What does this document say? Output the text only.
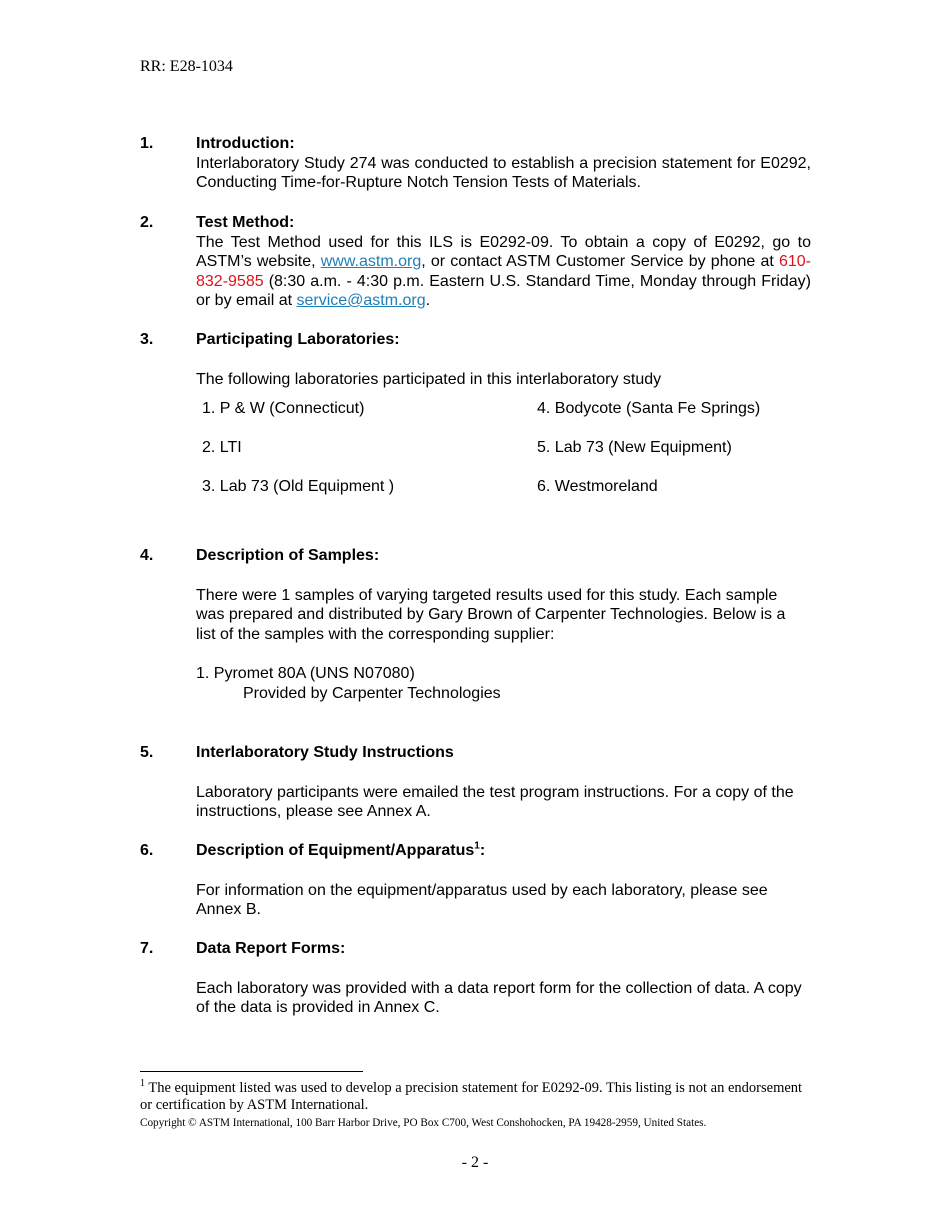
RR: E28-1034
1.	Introduction:
Interlaboratory Study 274 was conducted to establish a precision statement for E0292, Conducting Time-for-Rupture Notch Tension Tests of Materials.
2.	Test Method:
The Test Method used for this ILS is E0292-09. To obtain a copy of E0292, go to ASTM’s website, www.astm.org, or contact ASTM Customer Service by phone at 610-832-9585 (8:30 a.m. - 4:30 p.m. Eastern U.S. Standard Time, Monday through Friday) or by email at service@astm.org.
3.	Participating Laboratories:
The following laboratories participated in this interlaboratory study
1. P & W (Connecticut)
2. LTI
3. Lab 73 (Old Equipment )
4. Bodycote (Santa Fe Springs)
5. Lab 73 (New Equipment)
6. Westmoreland
4.	Description of Samples:
There were 1 samples of varying targeted results used for this study. Each sample was prepared and distributed by Gary Brown of Carpenter Technologies. Below is a list of the samples with the corresponding supplier:
1. Pyromet 80A (UNS N07080)
Provided by Carpenter Technologies
5.	Interlaboratory Study Instructions
Laboratory participants were emailed the test program instructions. For a copy of the instructions, please see Annex A.
6.	Description of Equipment/Apparatus$^1$:
For information on the equipment/apparatus used by each laboratory, please see Annex B.
7.	Data Report Forms:
Each laboratory was provided with a data report form for the collection of data. A copy of the data is provided in Annex C.
$^1$ The equipment listed was used to develop a precision statement for E0292-09. This listing is not an endorsement or certification by ASTM International.
Copyright © ASTM International, 100 Barr Harbor Drive, PO Box C700, West Conshohocken, PA 19428-2959, United States.
- 2 -
